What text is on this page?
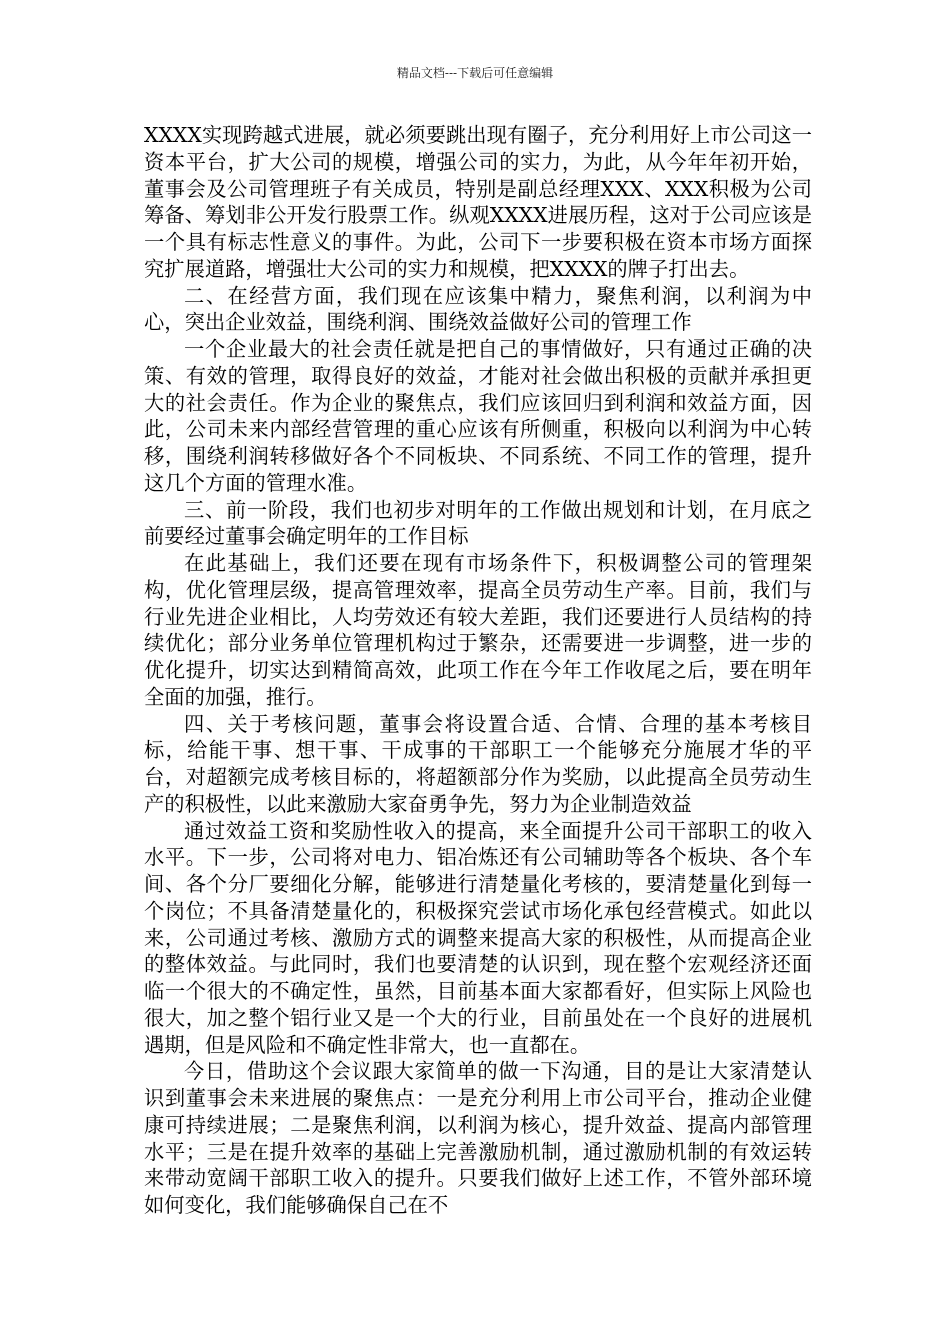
精品文档---下载后可任意编辑

XXXX实现跨越式进展，就必须要跳出现有圈子，充分利用好上市公司这一资本平台，扩大公司的规模，增强公司的实力，为此，从今年年初开始，董事会及公司管理班子有关成员，特别是副总经理XXX、XXX积极为公司筹备、筹划非公开发行股票工作。纵观XXXX进展历程，这对于公司应该是一个具有标志性意义的事件。为此，公司下一步要积极在资本市场方面探究扩展道路，增强壮大公司的实力和规模，把XXXX的牌子打出去。

二、在经营方面，我们现在应该集中精力，聚焦利润，以利润为中心，突出企业效益，围绕利润、围绕效益做好公司的管理工作

一个企业最大的社会责任就是把自己的事情做好，只有通过正确的决策、有效的管理，取得良好的效益，才能对社会做出积极的贡献并承担更大的社会责任。作为企业的聚焦点，我们应该回归到利润和效益方面，因此，公司未来内部经营管理的重心应该有所侧重，积极向以利润为中心转移，围绕利润转移做好各个不同板块、不同系统、不同工作的管理，提升这几个方面的管理水准。

三、前一阶段，我们也初步对明年的工作做出规划和计划，在月底之前要经过董事会确定明年的工作目标

在此基础上，我们还要在现有市场条件下，积极调整公司的管理架构，优化管理层级，提高管理效率，提高全员劳动生产率。目前，我们与行业先进企业相比，人均劳效还有较大差距，我们还要进行人员结构的持续优化；部分业务单位管理机构过于繁杂，还需要进一步调整，进一步的优化提升，切实达到精简高效，此项工作在今年工作收尾之后，要在明年全面的加强，推行。

四、关于考核问题，董事会将设置合适、合情、合理的基本考核目标，给能干事、想干事、干成事的干部职工一个能够充分施展才华的平台，对超额完成考核目标的，将超额部分作为奖励，以此提高全员劳动生产的积极性，以此来激励大家奋勇争先，努力为企业制造效益

通过效益工资和奖励性收入的提高，来全面提升公司干部职工的收入水平。下一步，公司将对电力、铝冶炼还有公司辅助等各个板块、各个车间、各个分厂要细化分解，能够进行清楚量化考核的，要清楚量化到每一个岗位；不具备清楚量化的，积极探究尝试市场化承包经营模式。如此以来，公司通过考核、激励方式的调整来提高大家的积极性，从而提高企业的整体效益。与此同时，我们也要清楚的认识到，现在整个宏观经济还面临一个很大的不确定性，虽然，目前基本面大家都看好，但实际上风险也很大，加之整个铝行业又是一个大的行业，目前虽处在一个良好的进展机遇期，但是风险和不确定性非常大，也一直都在。

今日，借助这个会议跟大家简单的做一下沟通，目的是让大家清楚认识到董事会未来进展的聚焦点：一是充分利用上市公司平台，推动企业健康可持续进展；二是聚焦利润，以利润为核心，提升效益、提高内部管理水平；三是在提升效率的基础上完善激励机制，通过激励机制的有效运转来带动宽阔干部职工收入的提升。只要我们做好上述工作，不管外部环境如何变化，我们能够确保自己在不
